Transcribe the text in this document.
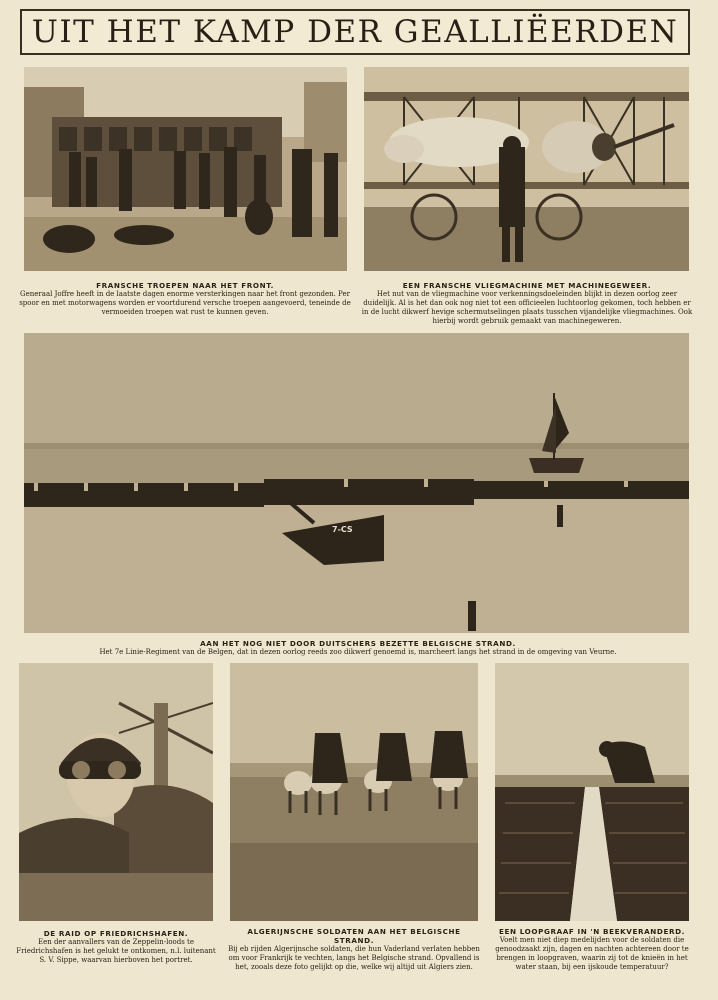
UIT HET KAMP DER GEALLIËERDEN
FRANSCHE TROEPEN NAAR HET FRONT.
Generaal Joffre heeft in de laatste dagen enorme versterkingen naar het front gezonden. Per spoor en met motorwagens worden er voortdurend versche troepen aangevoerd, teneinde de vermoeiden troepen wat rust te kunnen geven.
EEN FRANSCHE VLIEGMACHINE MET MACHINEGEWEER.
Het nut van de vliegmachine voor verkenningsdoeleinden blijkt in dezen oorlog zeer duidelijk. Al is het dan ook nog niet tot een officieelen luchtoorlog gekomen, toch hebben er in de lucht dikwerf hevige schermutselingen plaats tusschen vijandelijke vliegmachines. Ook hierbij wordt gebruik gemaakt van machinegeweren.
7-CS
AAN HET NOG NIET DOOR DUITSCHERS BEZETTE BELGISCHE STRAND.
Het 7e Linie-Regiment van de Belgen, dat in dezen oorlog reeds zoo dikwerf genoemd is, marcheert langs het strand in de omgeving van Veurne.
DE RAID OP FRIEDRICHSHAFEN.
Een der aanvallers van de Zeppelin-loods te Friedrichshafen is het gelukt te ontkomen, n.l. luitenant S. V. Sippe, waarvan hierboven het portret.
ALGERIJNSCHE SOLDATEN AAN HET BELGISCHE STRAND.
Bij eb rijden Algerijnsche soldaten, die hun Vaderland verlaten hebben om voor Frankrijk te vechten, langs het Belgische strand. Opvallend is het, zooals deze foto gelijkt op die, welke wij altijd uit Algiers zien.
EEN LOOPGRAAF IN 'N BEEKVERANDERD.
Voelt men niet diep medelijden voor de soldaten die genoodzaakt zijn, dagen en nachten achtereen door te brengen in loopgraven, waarin zij tot de knieën in het water staan, bij een ijskoude temperatuur?
